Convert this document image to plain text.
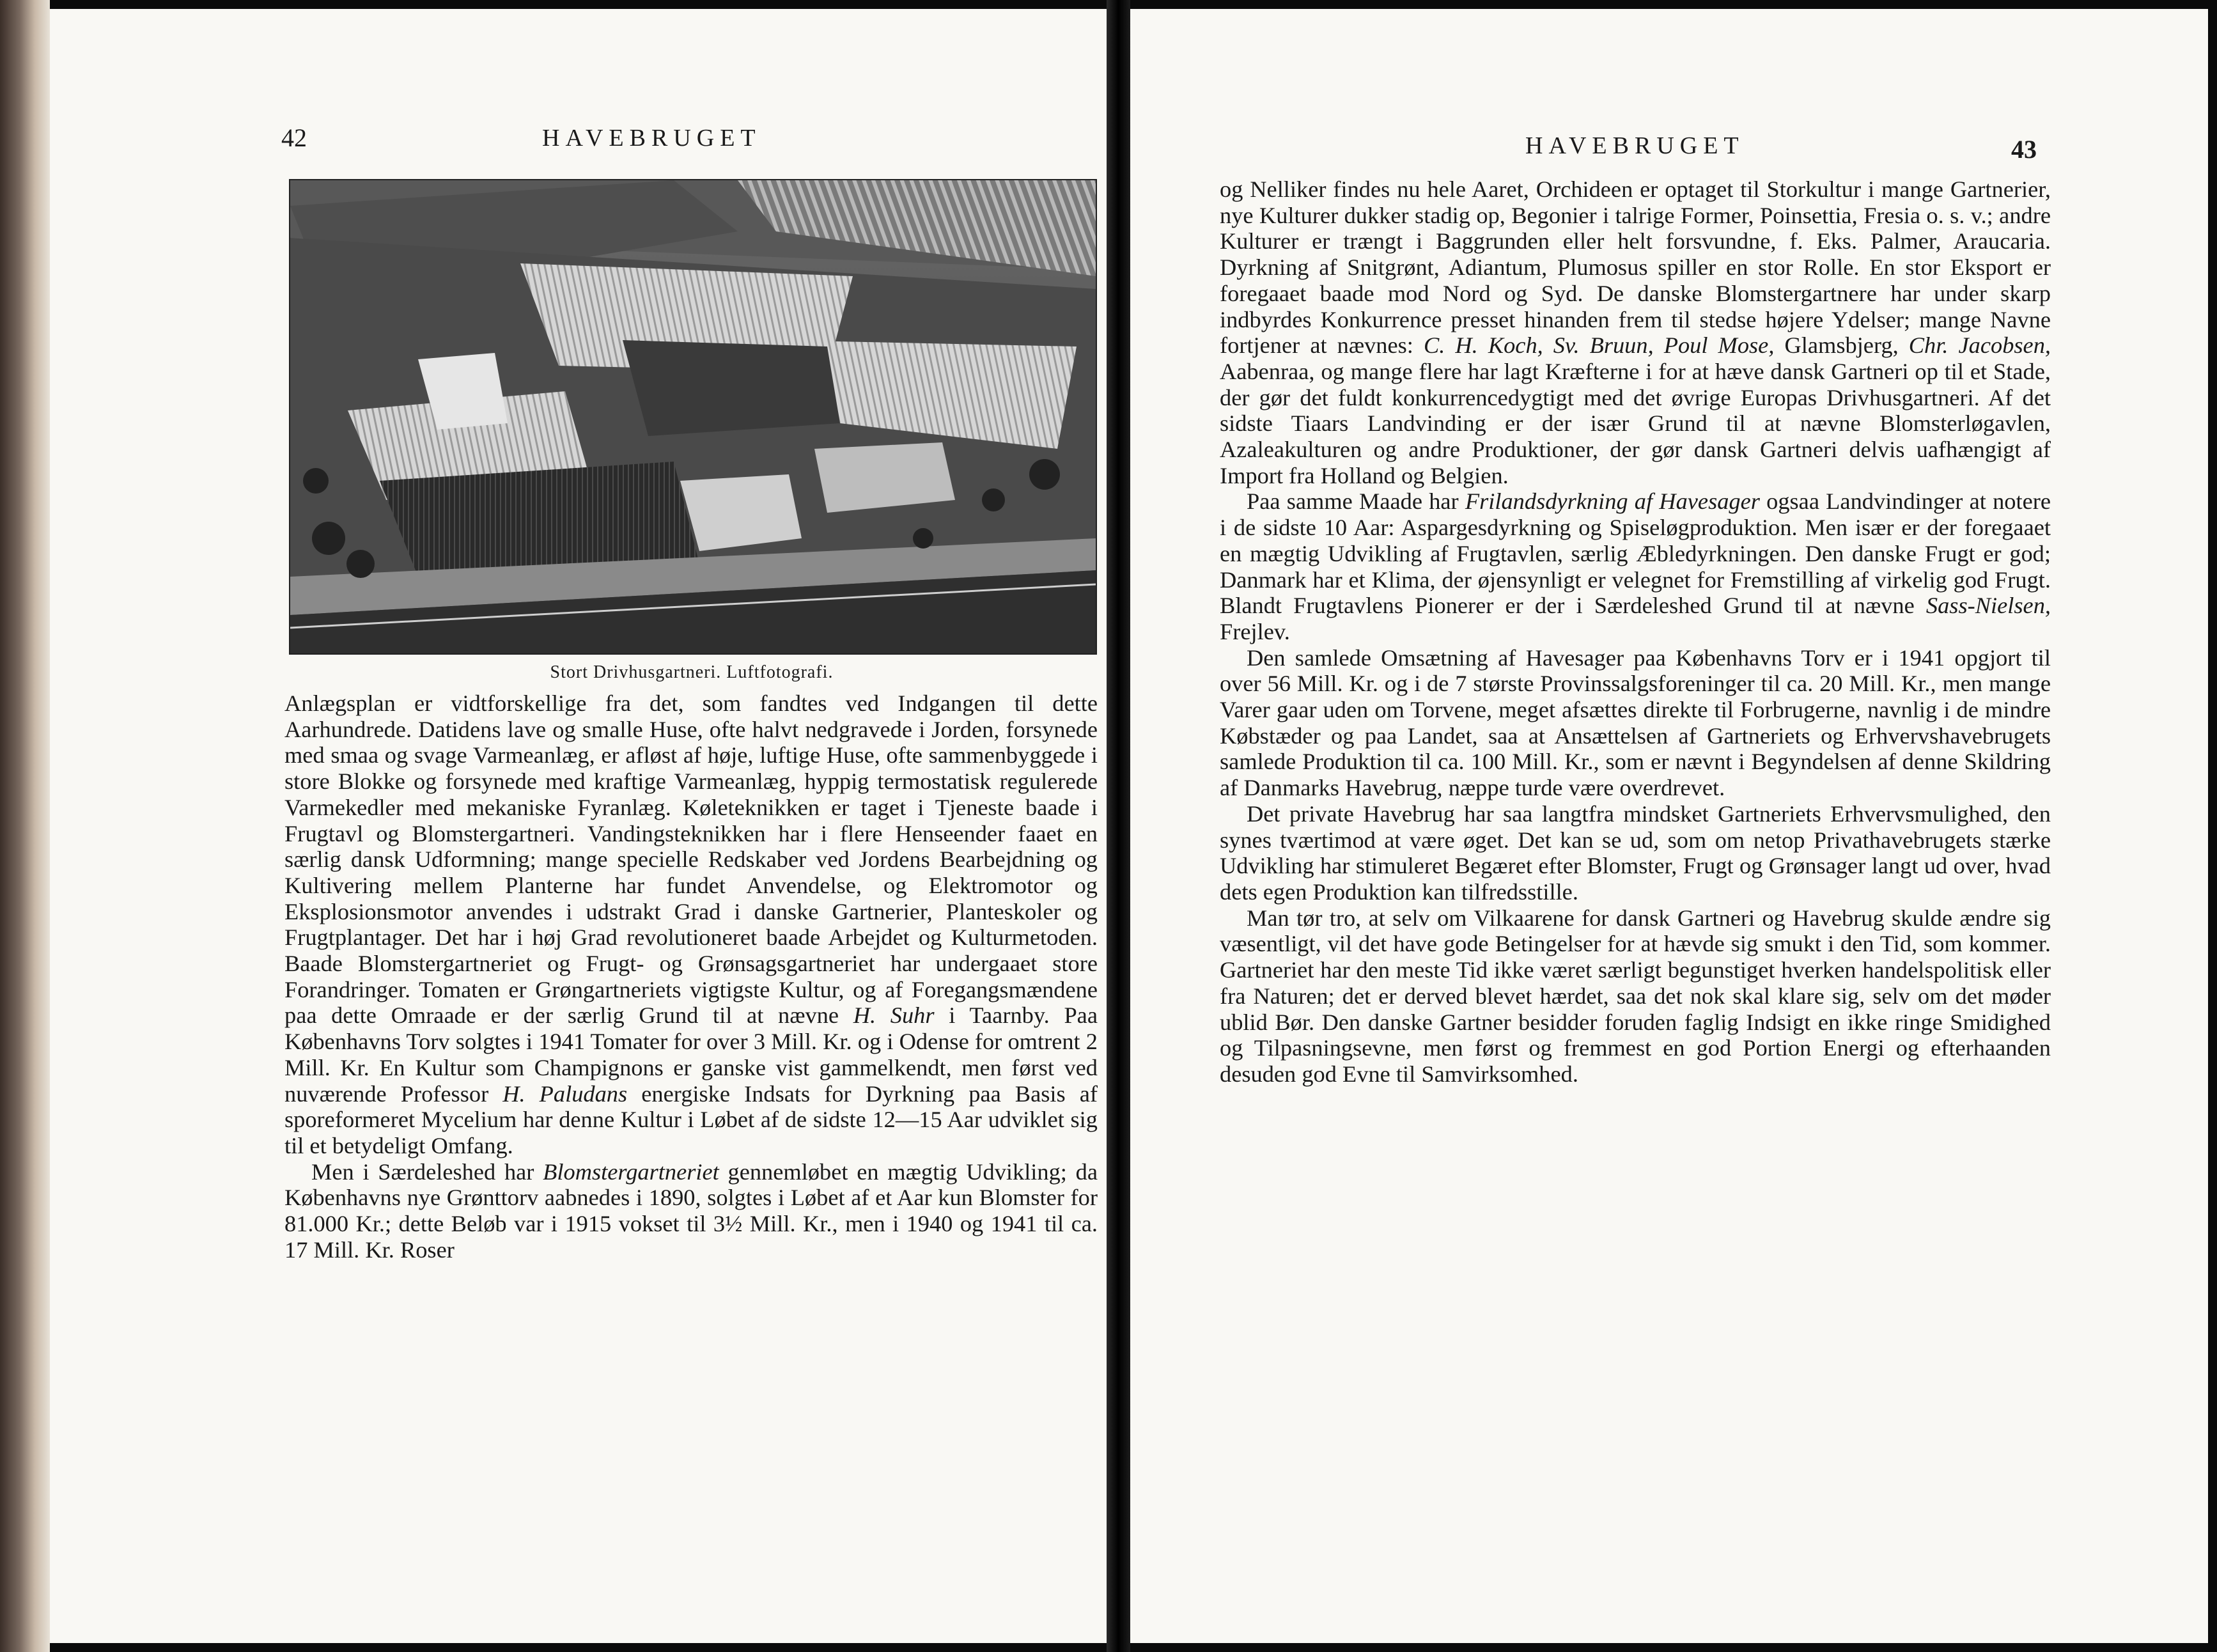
42	HAVEBRUGET
Stort Drivhusgartneri. Luftfotografi.

Anlægsplan er vidtforskellige fra det, som fandtes ved Indgangen til dette Aarhundrede. Datidens lave og smalle Huse, ofte halvt nedgravede i Jorden, forsynede med smaa og svage Varmeanlæg, er afløst af høje, luftige Huse, ofte sammenbyggede i store Blokke og forsynede med kraftige Varmeanlæg, hyppig termostatisk regulerede Varmekedler med mekaniske Fyranlæg. Køleteknikken er taget i Tjeneste baade i Frugtavl og Blomstergartneri. Vandingsteknikken har i flere Henseender faaet en særlig dansk Udformning; mange specielle Redskaber ved Jordens Bearbejdning og Kultivering mellem Planterne har fundet Anvendelse, og Elektromotor og Eksplosionsmotor anvendes i udstrakt Grad i danske Gartnerier, Planteskoler og Frugtplantager. Det har i høj Grad revolutioneret baade Arbejdet og Kulturmetoden. Baade Blomstergartneriet og Frugt- og Grønsagsgartneriet har undergaaet store Forandringer. Tomaten er Grøngartneriets vigtigste Kultur, og af Foregangsmændene paa dette Omraade er der særlig Grund til at nævne H. Suhr i Taarnby. Paa Københavns Torv solgtes i 1941 Tomater for over 3 Mill. Kr. og i Odense for omtrent 2 Mill. Kr. En Kultur som Champignons er ganske vist gammelkendt, men først ved nuværende Professor H. Paludans energiske Indsats for Dyrkning paa Basis af sporeformeret Mycelium har denne Kultur i Løbet af de sidste 12—15 Aar udviklet sig til et betydeligt Omfang.

Men i Særdeleshed har Blomstergartneriet gennemløbet en mægtig Udvikling; da Københavns nye Grønttorv aabnedes i 1890, solgtes i Løbet af et Aar kun Blomster for 81.000 Kr.; dette Beløb var i 1915 vokset til 3½ Mill. Kr., men i 1940 og 1941 til ca. 17 Mill. Kr. Roser

HAVEBRUGET	43

og Nelliker findes nu hele Aaret, Orchideen er optaget til Storkultur i mange Gartnerier, nye Kulturer dukker stadig op, Begonier i talrige Former, Poinsettia, Fresia o. s. v.; andre Kulturer er trængt i Baggrunden eller helt forsvundne, f. Eks. Palmer, Araucaria. Dyrkning af Snitgrønt, Adiantum, Plumosus spiller en stor Rolle. En stor Eksport er foregaaet baade mod Nord og Syd. De danske Blomstergartnere har under skarp indbyrdes Konkurrence presset hinanden frem til stedse højere Ydelser; mange Navne fortjener at nævnes: C. H. Koch, Sv. Bruun, Poul Mose, Glamsbjerg, Chr. Jacobsen, Aabenraa, og mange flere har lagt Kræfterne i for at hæve dansk Gartneri op til et Stade, der gør det fuldt konkurrencedygtigt med det øvrige Europas Drivhusgartneri. Af det sidste Tiaars Landvinding er der især Grund til at nævne Blomsterløgavlen, Azaleakulturen og andre Produktioner, der gør dansk Gartneri delvis uafhængigt af Import fra Holland og Belgien.

Paa samme Maade har Frilandsdyrkning af Havesager ogsaa Landvindinger at notere i de sidste 10 Aar: Aspargesdyrkning og Spiseløgproduktion. Men især er der foregaaet en mægtig Udvikling af Frugtavlen, særlig Æbledyrkningen. Den danske Frugt er god; Danmark har et Klima, der øjensynligt er velegnet for Fremstilling af virkelig god Frugt. Blandt Frugtavlens Pionerer er der i Særdeleshed Grund til at nævne Sass-Nielsen, Frejlev.

Den samlede Omsætning af Havesager paa Københavns Torv er i 1941 opgjort til over 56 Mill. Kr. og i de 7 største Provinssalgsforeninger til ca. 20 Mill. Kr., men mange Varer gaar uden om Torvene, meget afsættes direkte til Forbrugerne, navnlig i de mindre Købstæder og paa Landet, saa at Ansættelsen af Gartneriets og Erhvervshavebrugets samlede Produktion til ca. 100 Mill. Kr., som er nævnt i Begyndelsen af denne Skildring af Danmarks Havebrug, næppe turde være overdrevet.

Det private Havebrug har saa langtfra mindsket Gartneriets Erhvervsmulighed, den synes tværtimod at være øget. Det kan se ud, som om netop Privathavebrugets stærke Udvikling har stimuleret Begæret efter Blomster, Frugt og Grønsager langt ud over, hvad dets egen Produktion kan tilfredsstille.

Man tør tro, at selv om Vilkaarene for dansk Gartneri og Havebrug skulde ændre sig væsentligt, vil det have gode Betingelser for at hævde sig smukt i den Tid, som kommer. Gartneriet har den meste Tid ikke været særligt begunstiget hverken handelspolitisk eller fra Naturen; det er derved blevet hærdet, saa det nok skal klare sig, selv om det møder ublid Bør. Den danske Gartner besidder foruden faglig Indsigt en ikke ringe Smidighed og Tilpasningsevne, men først og fremmest en god Portion Energi og efterhaanden desuden god Evne til Samvirksomhed.
